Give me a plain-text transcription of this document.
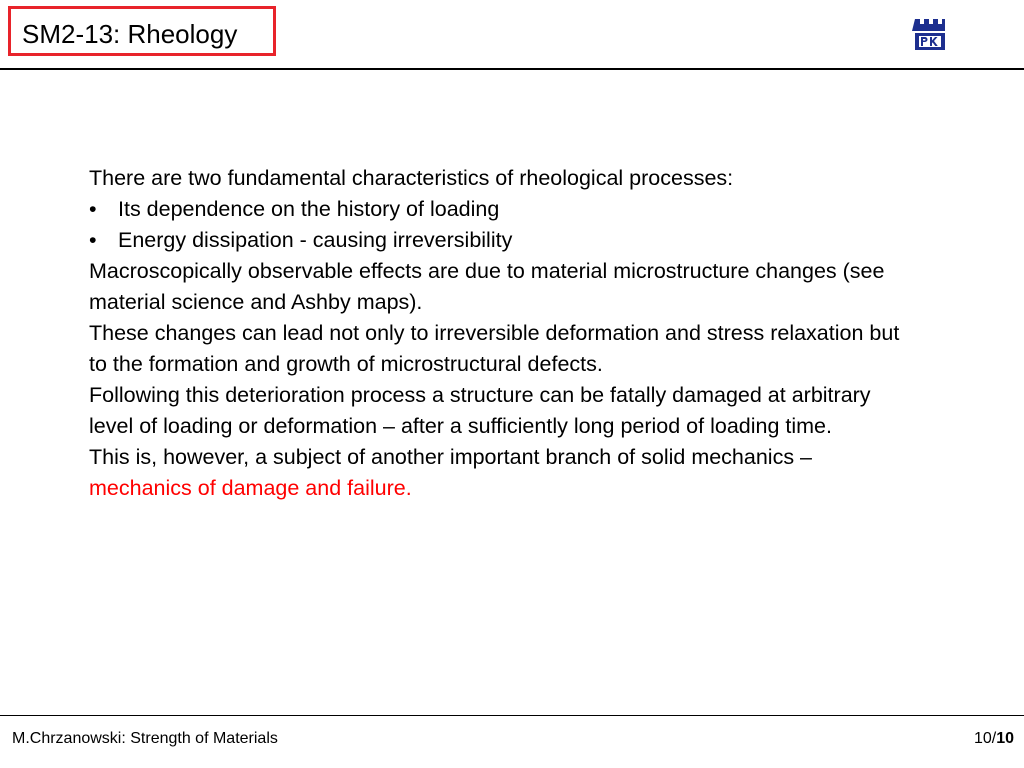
SM2-13: Rheology

There are two fundamental characteristics of rheological processes:

• Its dependence on the history of loading
• Energy dissipation - causing irreversibility

Macroscopically observable effects are due to material microstructure changes (see material science and Ashby maps).

These changes can lead not only to irreversible deformation and stress relaxation but to the formation and growth of microstructural defects.

Following this deterioration process a structure can be fatally damaged at arbitrary level of loading or deformation – after a sufficiently long period of loading time.

This is, however, a subject of another important branch of solid mechanics – mechanics of damage and failure.

M.Chrzanowski: Strength of Materials	10/10
